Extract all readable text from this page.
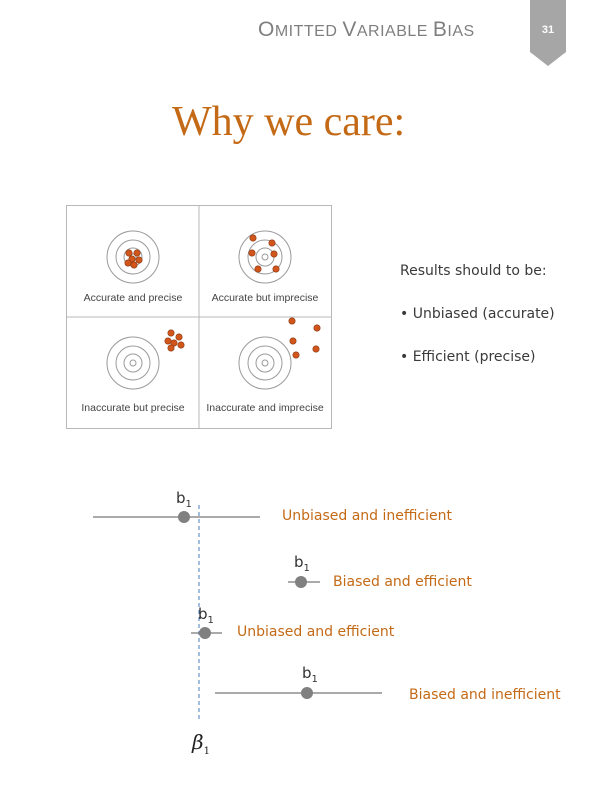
OMITTED VARIABLE BIAS	31
Why we care:
Accurate and precise	Accurate but imprecise
Inaccurate but precise	Inaccurate and imprecise
Results should to be:
• Unbiased (accurate)
• Efficient (precise)
$b_1$
$b_1$
$b_1$
$b_1$
Unbiased and inefficient
Biased and efficient
Unbiased and efficient
Biased and inefficient
$\beta_1$
